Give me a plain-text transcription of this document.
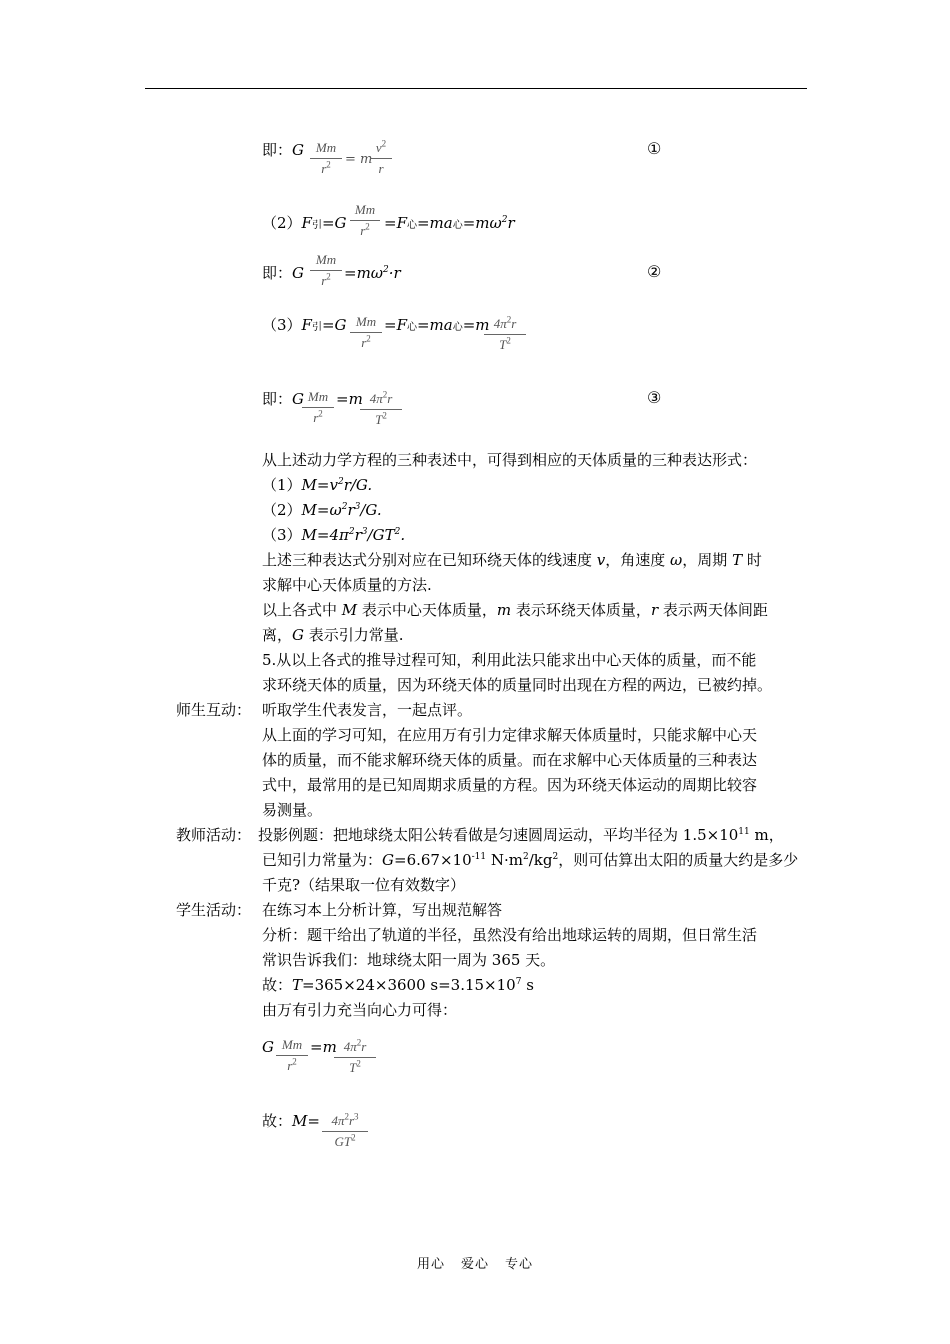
即：G Mm
$r^2$	= m
$v^2$
r
①
（2）F引=G
Mm
$r^2 =F$心=ma心$=m\omega^2r$
即：G
Mm
$r^2 =m\omega^2\cdot r$	②
（3）F引=G Mm
$r^2$
=F心=ma心=m $4\pi^2r$
$T^2$
即：G Mm
$r^2$
=m $4\pi^2r$
$T^2$
③
从上述动力学方程的三种表述中，可得到相应的天体质量的三种表达形式：
$(1)M=v^2r/G$.
$(2)M=\omega^2r^3/G$.
$(3)M=4\pi^2r^3/GT^2$.
上述三种表达式分别对应在已知环绕天体的线速度 v，角速度 ω，周期 T 时
求解中心天体质量的方法.
以上各式中 M 表示中心天体质量，m 表示环绕天体质量，r 表示两天体间距
离，G 表示引力常量.
5.从以上各式的推导过程可知，利用此法只能求出中心天体的质量，而不能
求环绕天体的质量，因为环绕天体的质量同时出现在方程的两边，已被约掉。
师生互动： 听取学生代表发言，一起点评。
从上面的学习可知，在应用万有引力定律求解天体质量时，只能求解中心天
体的质量，而不能求解环绕天体的质量。而在求解中心天体质量的三种表达
式中，最常用的是已知周期求质量的方程。因为环绕天体运动的周期比较容
易测量。
教师活动： 投影例题：把地球绕太阳公转看做是匀速圆周运动，平均半径为 $1.5\times 10^{11}$ m，
已知引力常量为：$G=6.67\times 10^{-11}$ $N\cdot m^2/kg^2$，则可估算出太阳的质量大约是多少
千克?（结果取一位有效数字）
学生活动： 在练习本上分析计算，写出规范解答
分析：题干给出了轨道的半径，虽然没有给出地球运转的周期，但日常生活
常识告诉我们：地球绕太阳一周为 365 天。
故：T=365×24×3600 $s=3.15\times 10^7$ s
由万有引力充当向心力可得：
G Mm
$r^2$
=m $4\pi^2r$
$T^2$
故：$M= 4\pi^2r^3$
$GT^2$
用心 爱心 专心
